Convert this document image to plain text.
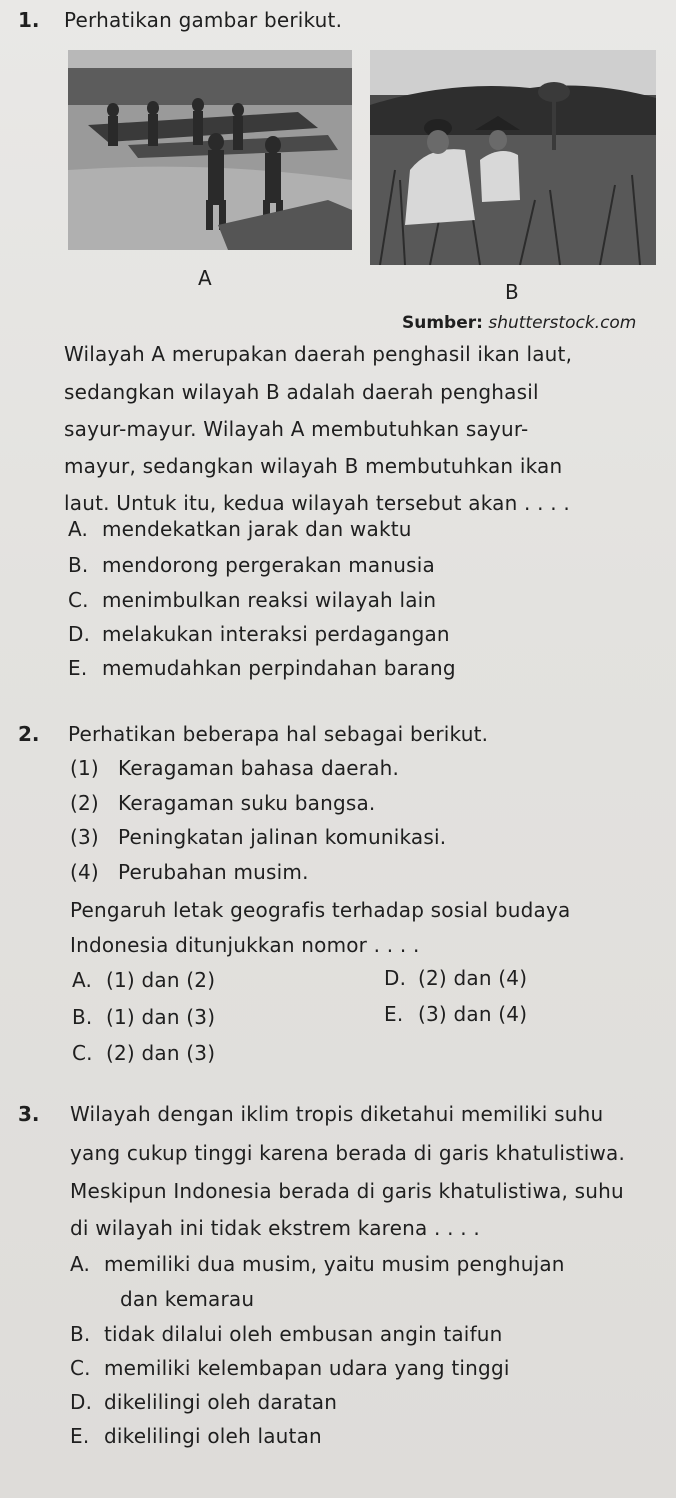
1. Perhatikan gambar berikut.
A
B
Sumber: shutterstock.com
Wilayah A merupakan daerah penghasil ikan laut,
sedangkan wilayah B adalah daerah penghasil
sayur-mayur. Wilayah A membutuhkan sayur-
mayur, sedangkan wilayah B membutuhkan ikan
laut. Untuk itu, kedua wilayah tersebut akan . . . .
A. mendekatkan jarak dan waktu
B. mendorong pergerakan manusia
C. menimbulkan reaksi wilayah lain
D. melakukan interaksi perdagangan
E. memudahkan perpindahan barang
2. Perhatikan beberapa hal sebagai berikut.
(1) Keragaman bahasa daerah.
(2) Keragaman suku bangsa.
(3) Peningkatan jalinan komunikasi.
(4) Perubahan musim.
Pengaruh letak geografis terhadap sosial budaya
Indonesia ditunjukkan nomor . . . .
A. (1) dan (2)
B. (1) dan (3)
C. (2) dan (3)
D. (2) dan (4)
E. (3) dan (4)
3. Wilayah dengan iklim tropis diketahui memiliki suhu
yang cukup tinggi karena berada di garis khatulistiwa.
Meskipun Indonesia berada di garis khatulistiwa, suhu
di wilayah ini tidak ekstrem karena . . . .
A. memiliki dua musim, yaitu musim penghujan
dan kemarau
B. tidak dilalui oleh embusan angin taifun
C. memiliki kelembapan udara yang tinggi
D. dikelilingi oleh daratan
E. dikelilingi oleh lautan
